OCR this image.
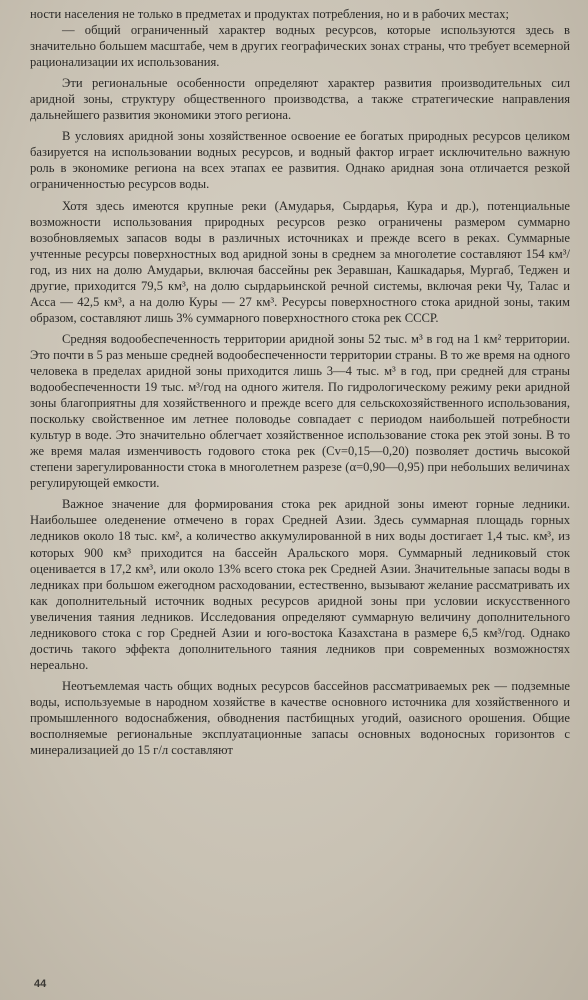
ности населения не только в предметах и продуктах потребления, но и в рабочих местах;

— общий ограниченный характер водных ресурсов, которые используются здесь в значительно большем масштабе, чем в других географических зонах страны, что требует всемерной рационализации их использования.

Эти региональные особенности определяют характер развития производительных сил аридной зоны, структуру общественного производства, а также стратегические направления дальнейшего развития экономики этого региона.

В условиях аридной зоны хозяйственное освоение ее богатых природных ресурсов целиком базируется на использовании водных ресурсов, и водный фактор играет исключительно важную роль в экономике региона на всех этапах ее развития. Однако аридная зона отличается резкой ограниченностью ресурсов воды.

Хотя здесь имеются крупные реки (Амударья, Сырдарья, Кура и др.), потенциальные возможности использования природных ресурсов резко ограничены размером суммарно возобновляемых запасов воды в различных источниках и прежде всего в реках. Суммарные учтенные ресурсы поверхностных вод аридной зоны в среднем за многолетие составляют 154 км³/год, из них на долю Амударьи, включая бассейны рек Зеравшан, Кашкадарья, Мургаб, Теджен и другие, приходится 79,5 км³, на долю сырдарьинской речной системы, включая реки Чу, Талас и Асса — 42,5 км³, а на долю Куры — 27 км³. Ресурсы поверхностного стока аридной зоны, таким образом, составляют лишь 3% суммарного поверхностного стока рек СССР.

Средняя водообеспеченность территории аридной зоны 52 тыс. м³ в год на 1 км² территории. Это почти в 5 раз меньше средней водообеспеченности территории страны. В то же время на одного человека в пределах аридной зоны приходится лишь 3—4 тыс. м³ в год, при средней для страны водообеспеченности 19 тыс. м³/год на одного жителя. По гидрологическому режиму реки аридной зоны благоприятны для хозяйственного и прежде всего для сельскохозяйственного использования, поскольку свойственное им летнее половодье совпадает с периодом наибольшей потребности культур в воде. Это значительно облегчает хозяйственное использование стока рек этой зоны. В то же время малая изменчивость годового стока рек (Cv=0,15—0,20) позволяет достичь высокой степени зарегулированности стока в многолетнем разрезе (α=0,90—0,95) при небольших величинах регулирующей емкости.

Важное значение для формирования стока рек аридной зоны имеют горные ледники. Наибольшее оледенение отмечено в горах Средней Азии. Здесь суммарная площадь горных ледников около 18 тыс. км², а количество аккумулированной в них воды достигает 1,4 тыс. км³, из которых 900 км³ приходится на бассейн Аральского моря. Суммарный ледниковый сток оценивается в 17,2 км³, или около 13% всего стока рек Средней Азии. Значительные запасы воды в ледниках при большом ежегодном расходовании, естественно, вызывают желание рассматривать их как дополнительный источник водных ресурсов аридной зоны при условии искусственного увеличения таяния ледников. Исследования определяют суммарную величину дополнительного ледникового стока с гор Средней Азии и юго-востока Казахстана в размере 6,5 км³/год. Однако достичь такого эффекта дополнительного таяния ледников при современных возможностях нереально.

Неотъемлемая часть общих водных ресурсов бассейнов рассматриваемых рек — подземные воды, используемые в народном хозяйстве в качестве основного источника для хозяйственного и промышленного водоснабжения, обводнения пастбищных угодий, оазисного орошения. Общие восполняемые региональные эксплуатационные запасы основных водоносных горизонтов с минерализацией до 15 г/л составляют

44
